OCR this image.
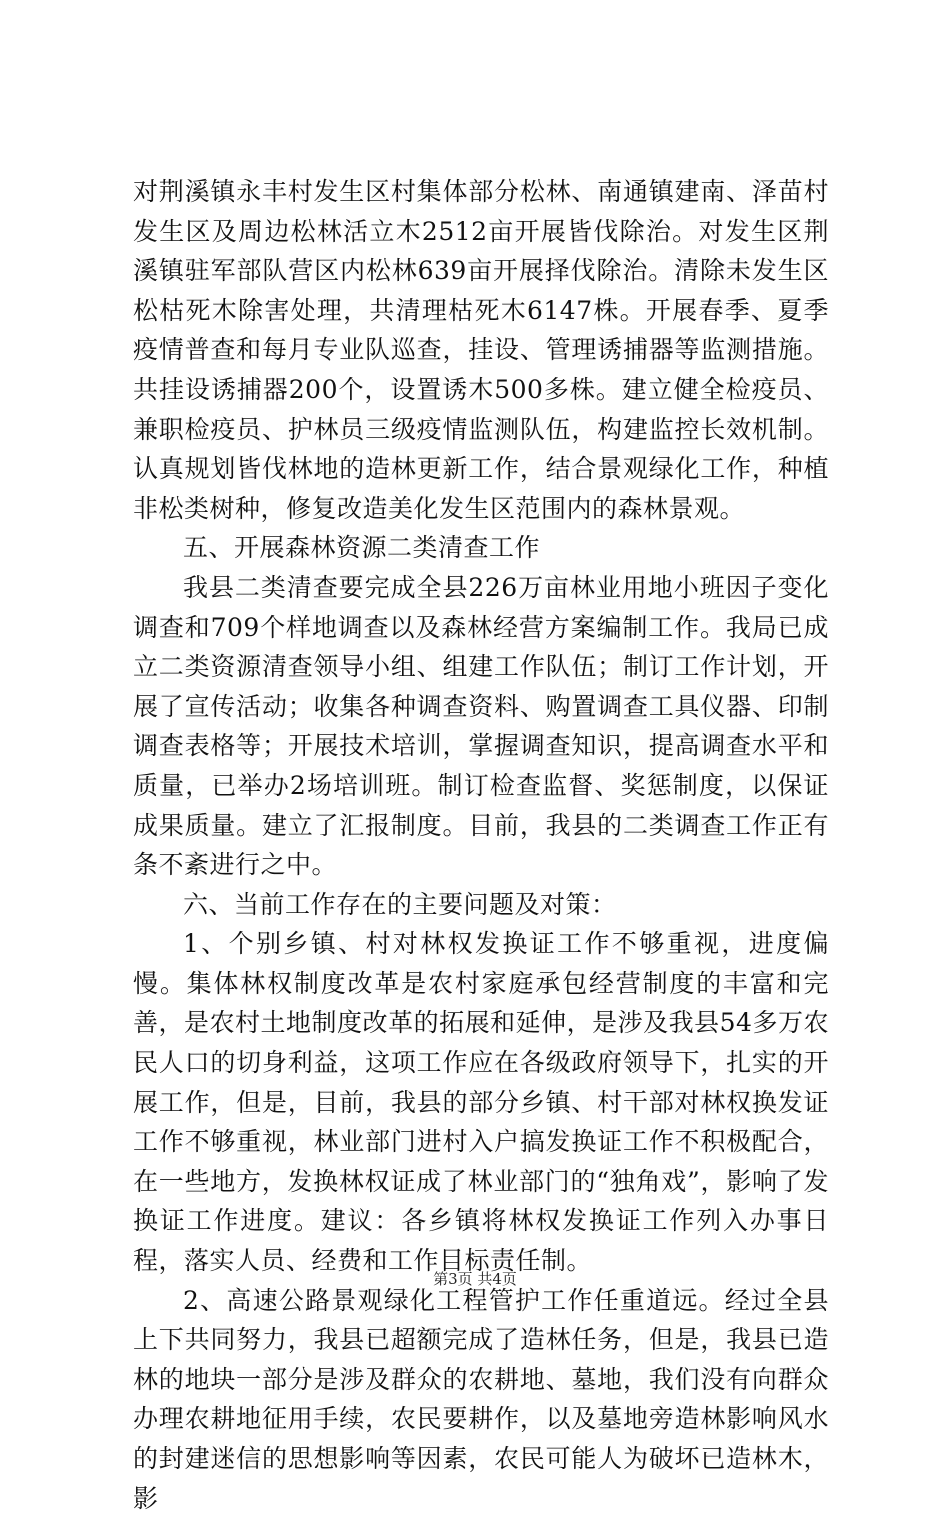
对荆溪镇永丰村发生区村集体部分松林、南通镇建南、泽苗村发生区及周边松林活立木2512亩开展皆伐除治。对发生区荆溪镇驻军部队营区内松林639亩开展择伐除治。清除未发生区松枯死木除害处理，共清理枯死木6147株。开展春季、夏季疫情普查和每月专业队巡查，挂设、管理诱捕器等监测措施。共挂设诱捕器200个，设置诱木500多株。建立健全检疫员、兼职检疫员、护林员三级疫情监测队伍，构建监控长效机制。认真规划皆伐林地的造林更新工作，结合景观绿化工作，种植非松类树种，修复改造美化发生区范围内的森林景观。

五、开展森林资源二类清查工作

我县二类清查要完成全县226万亩林业用地小班因子变化调查和709个样地调查以及森林经营方案编制工作。我局已成立二类资源清查领导小组、组建工作队伍；制订工作计划，开展了宣传活动；收集各种调查资料、购置调查工具仪器、印制调查表格等；开展技术培训，掌握调查知识，提高调查水平和质量，已举办2场培训班。制订检查监督、奖惩制度，以保证成果质量。建立了汇报制度。目前，我县的二类调查工作正有条不紊进行之中。

六、当前工作存在的主要问题及对策：

1、个别乡镇、村对林权发换证工作不够重视，进度偏慢。集体林权制度改革是农村家庭承包经营制度的丰富和完善，是农村土地制度改革的拓展和延伸，是涉及我县54多万农民人口的切身利益，这项工作应在各级政府领导下，扎实的开展工作，但是，目前，我县的部分乡镇、村干部对林权换发证工作不够重视，林业部门进村入户搞发换证工作不积极配合，在一些地方，发换林权证成了林业部门的“独角戏”，影响了发换证工作进度。建议：各乡镇将林权发换证工作列入办事日程，落实人员、经费和工作目标责任制。

2、高速公路景观绿化工程管护工作任重道远。经过全县上下共同努力，我县已超额完成了造林任务，但是，我县已造林的地块一部分是涉及群众的农耕地、墓地，我们没有向群众办理农耕地征用手续，农民要耕作，以及墓地旁造林影响风水的封建迷信的思想影响等因素，农民可能人为破坏已造林木，影

第3页 共4页
